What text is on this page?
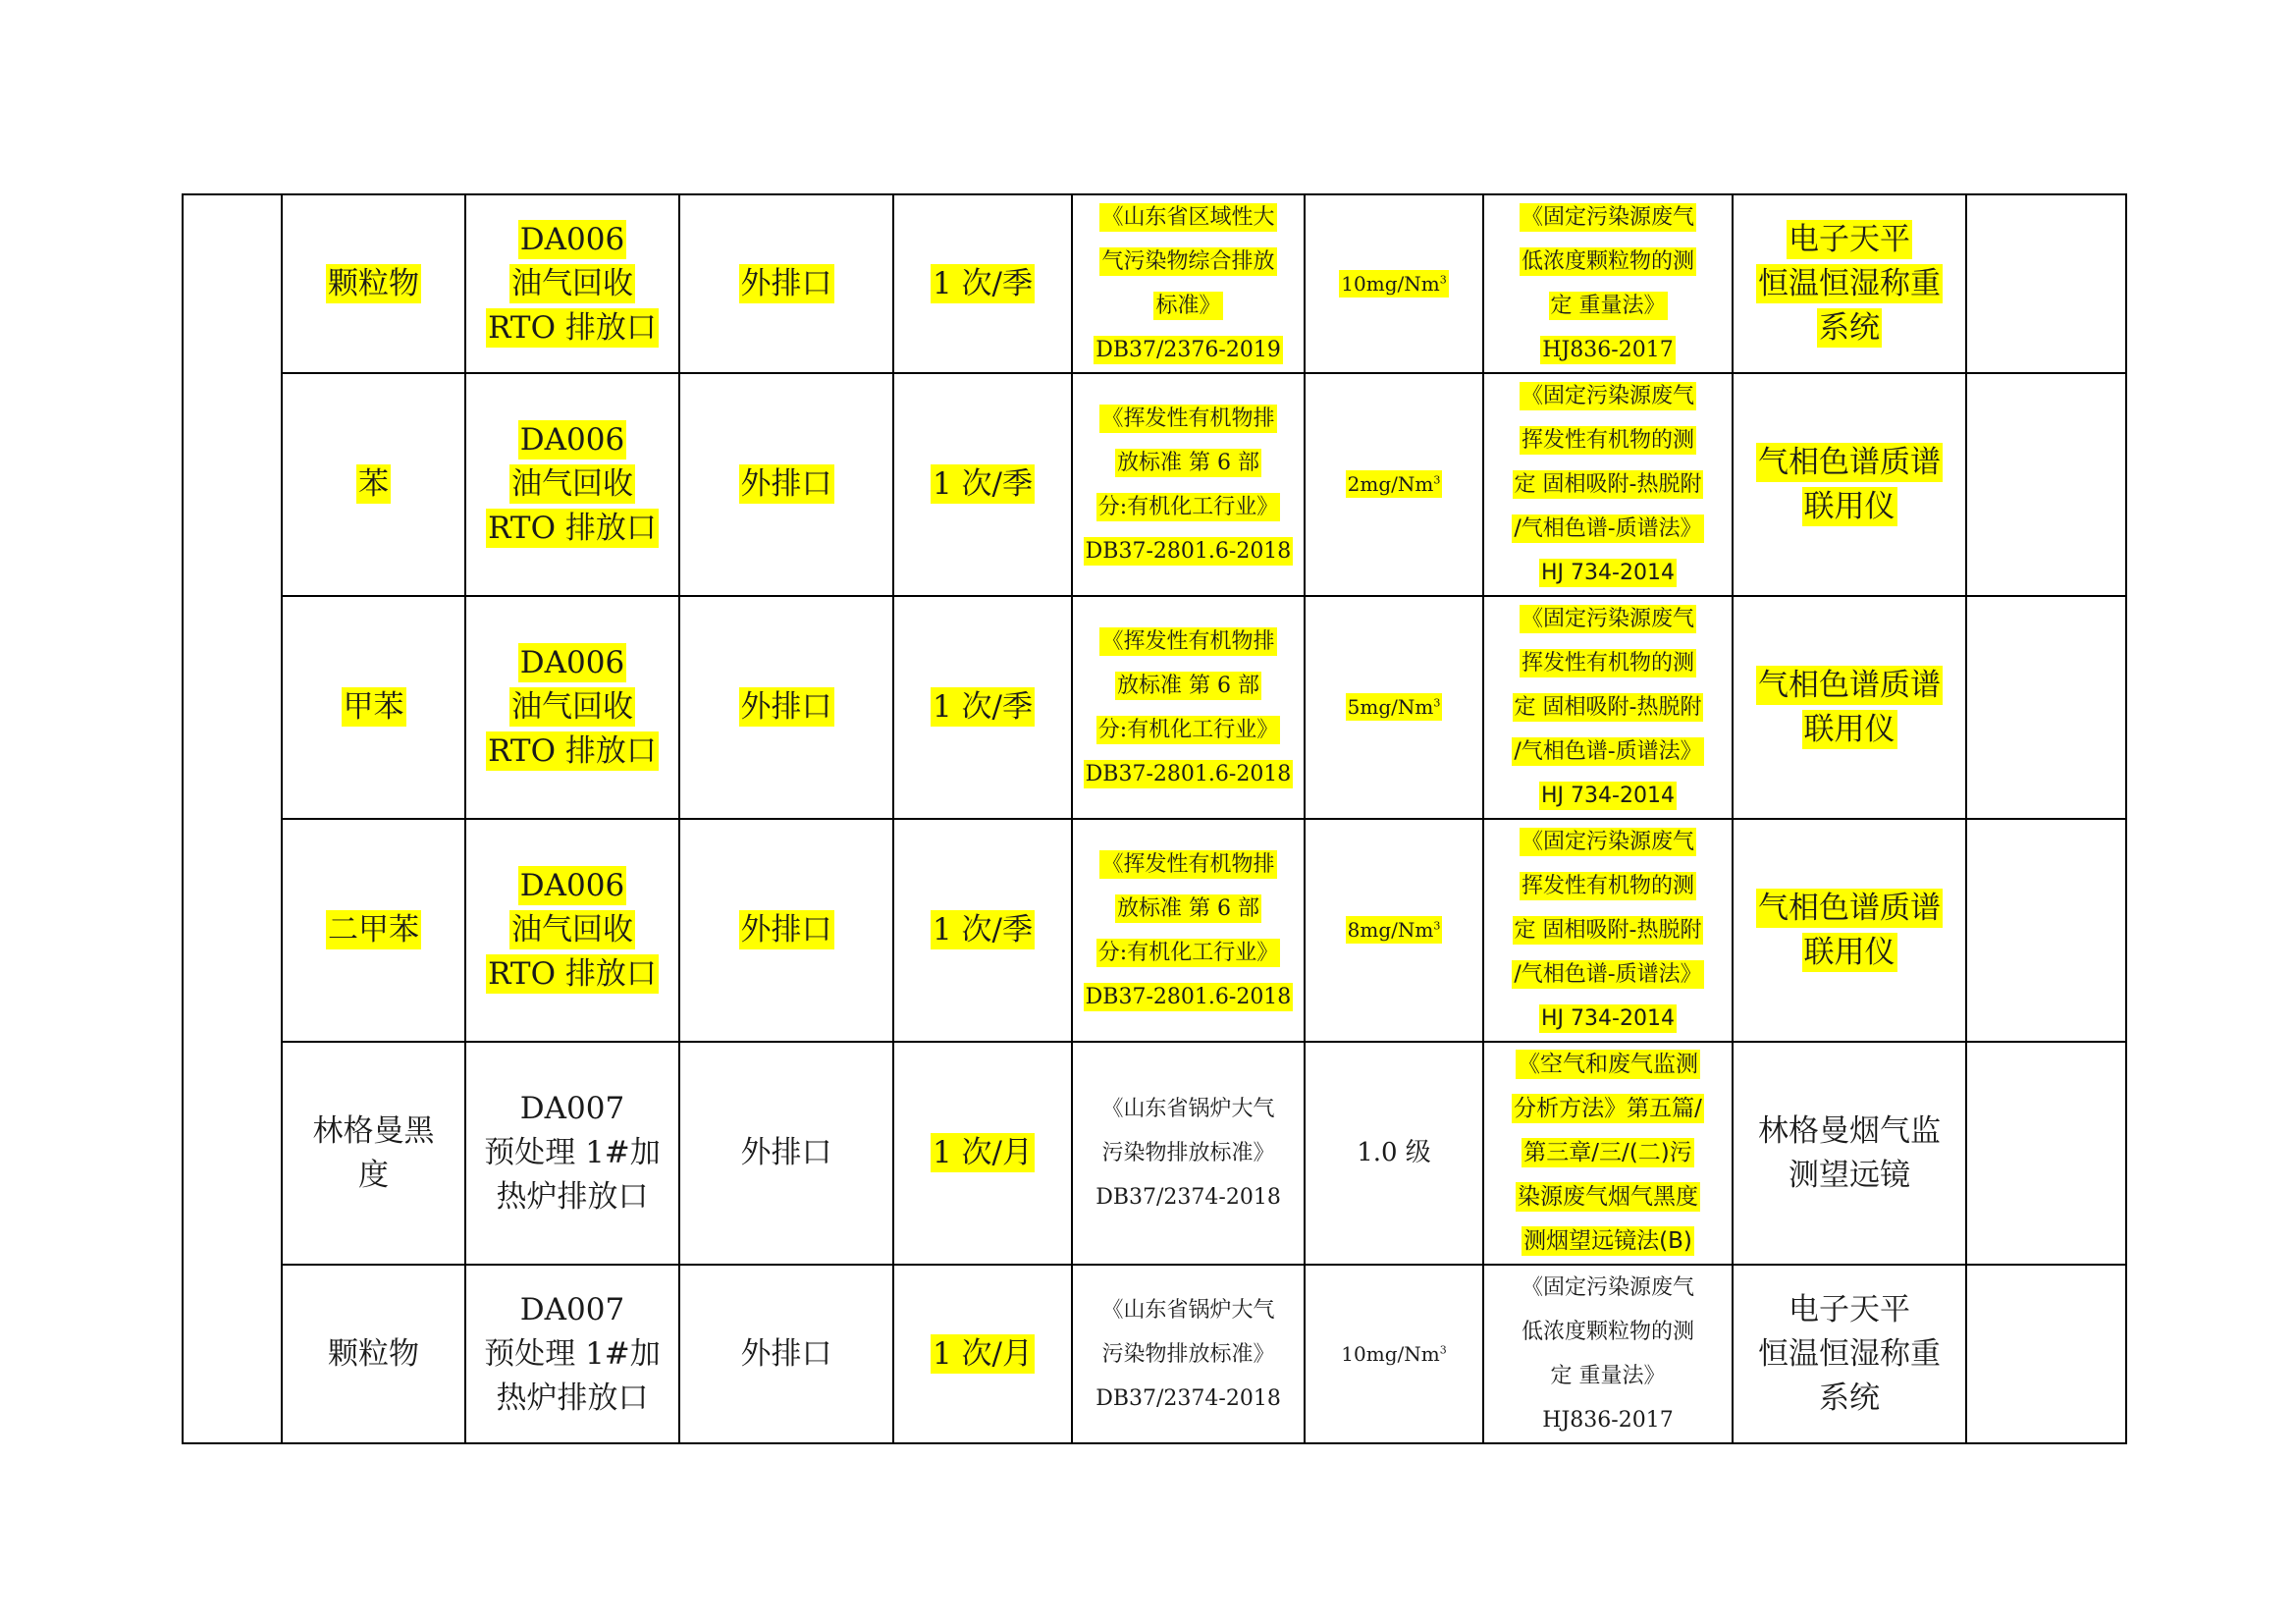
	颗粒物	DA006
油气回收
RTO 排放口	外排口	1 次/季	《山东省区域性大
气污染物综合排放
标准》
DB37/2376-2019	10mg/Nm$^3$	《固定污染源废气
低浓度颗粒物的测
定 重量法》
HJ836-2017	电子天平
恒温恒湿称重
系统	
	苯	DA006
油气回收
RTO 排放口	外排口	1 次/季	《挥发性有机物排
放标准 第 6 部
分:有机化工行业》
DB37-2801.6-2018	2mg/Nm$^3$	《固定污染源废气
挥发性有机物的测
定 固相吸附-热脱附
/气相色谱-质谱法》
HJ 734-2014	气相色谱质谱
联用仪	
	甲苯	DA006
油气回收
RTO 排放口	外排口	1 次/季	《挥发性有机物排
放标准 第 6 部
分:有机化工行业》
DB37-2801.6-2018	5mg/Nm$^3$	《固定污染源废气
挥发性有机物的测
定 固相吸附-热脱附
/气相色谱-质谱法》
HJ 734-2014	气相色谱质谱
联用仪	
	二甲苯	DA006
油气回收
RTO 排放口	外排口	1 次/季	《挥发性有机物排
放标准 第 6 部
分:有机化工行业》
DB37-2801.6-2018	8mg/Nm$^3$	《固定污染源废气
挥发性有机物的测
定 固相吸附-热脱附
/气相色谱-质谱法》
HJ 734-2014	气相色谱质谱
联用仪	
	林格曼黑度	DA007
预处理 1#加
热炉排放口	外排口	1 次/月	《山东省锅炉大气
污染物排放标准》
DB37/2374-2018	1.0 级	《空气和废气监测
分析方法》第五篇/
第三章/三/(二)污
染源废气烟气黑度
测烟望远镜法(B)	林格曼烟气监
测望远镜	
	颗粒物	DA007
预处理 1#加
热炉排放口	外排口	1 次/月	《山东省锅炉大气
污染物排放标准》
DB37/2374-2018	10mg/Nm$^3$	《固定污染源废气
低浓度颗粒物的测
定 重量法》
HJ836-2017	电子天平
恒温恒湿称重
系统	
